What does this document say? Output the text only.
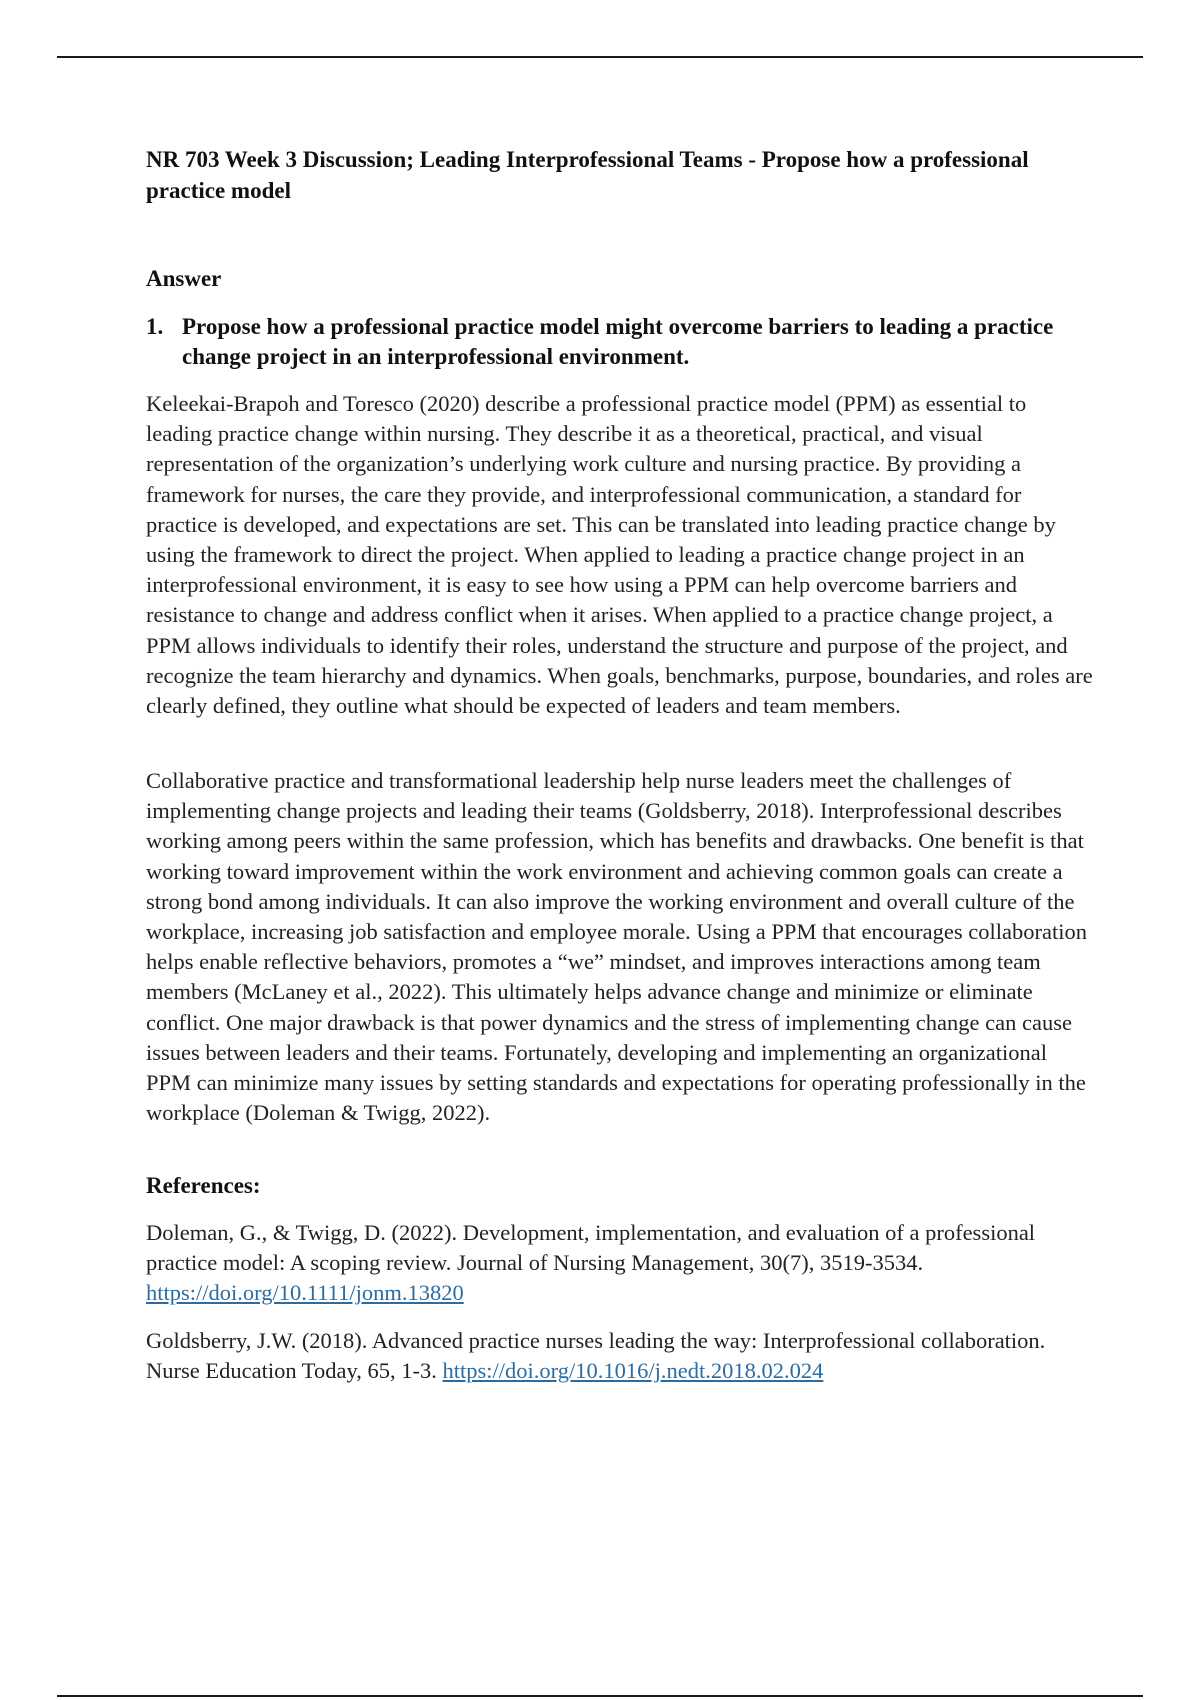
NR 703 Week 3 Discussion; Leading Interprofessional Teams - Propose how a professional practice model
Answer
1. Propose how a professional practice model might overcome barriers to leading a practice change project in an interprofessional environment.

Keleekai-Brapoh and Toresco (2020) describe a professional practice model (PPM) as essential to leading practice change within nursing. They describe it as a theoretical, practical, and visual representation of the organization’s underlying work culture and nursing practice. By providing a framework for nurses, the care they provide, and interprofessional communication, a standard for practice is developed, and expectations are set. This can be translated into leading practice change by using the framework to direct the project. When applied to leading a practice change project in an interprofessional environment, it is easy to see how using a PPM can help overcome barriers and resistance to change and address conflict when it arises. When applied to a practice change project, a PPM allows individuals to identify their roles, understand the structure and purpose of the project, and recognize the team hierarchy and dynamics. When goals, benchmarks, purpose, boundaries, and roles are clearly defined, they outline what should be expected of leaders and team members.

Collaborative practice and transformational leadership help nurse leaders meet the challenges of implementing change projects and leading their teams (Goldsberry, 2018). Interprofessional describes working among peers within the same profession, which has benefits and drawbacks. One benefit is that working toward improvement within the work environment and achieving common goals can create a strong bond among individuals. It can also improve the working environment and overall culture of the workplace, increasing job satisfaction and employee morale. Using a PPM that encourages collaboration helps enable reflective behaviors, promotes a “we” mindset, and improves interactions among team members (McLaney et al., 2022). This ultimately helps advance change and minimize or eliminate conflict. One major drawback is that power dynamics and the stress of implementing change can cause issues between leaders and their teams. Fortunately, developing and implementing an organizational PPM can minimize many issues by setting standards and expectations for operating professionally in the workplace (Doleman & Twigg, 2022).

References:

Doleman, G., & Twigg, D. (2022). Development, implementation, and evaluation of a professional practice model: A scoping review. Journal of Nursing Management, 30(7), 3519-3534. https://doi.org/10.1111/jonm.13820

Goldsberry, J.W. (2018). Advanced practice nurses leading the way: Interprofessional collaboration. Nurse Education Today, 65, 1-3. https://doi.org/10.1016/j.nedt.2018.02.024
